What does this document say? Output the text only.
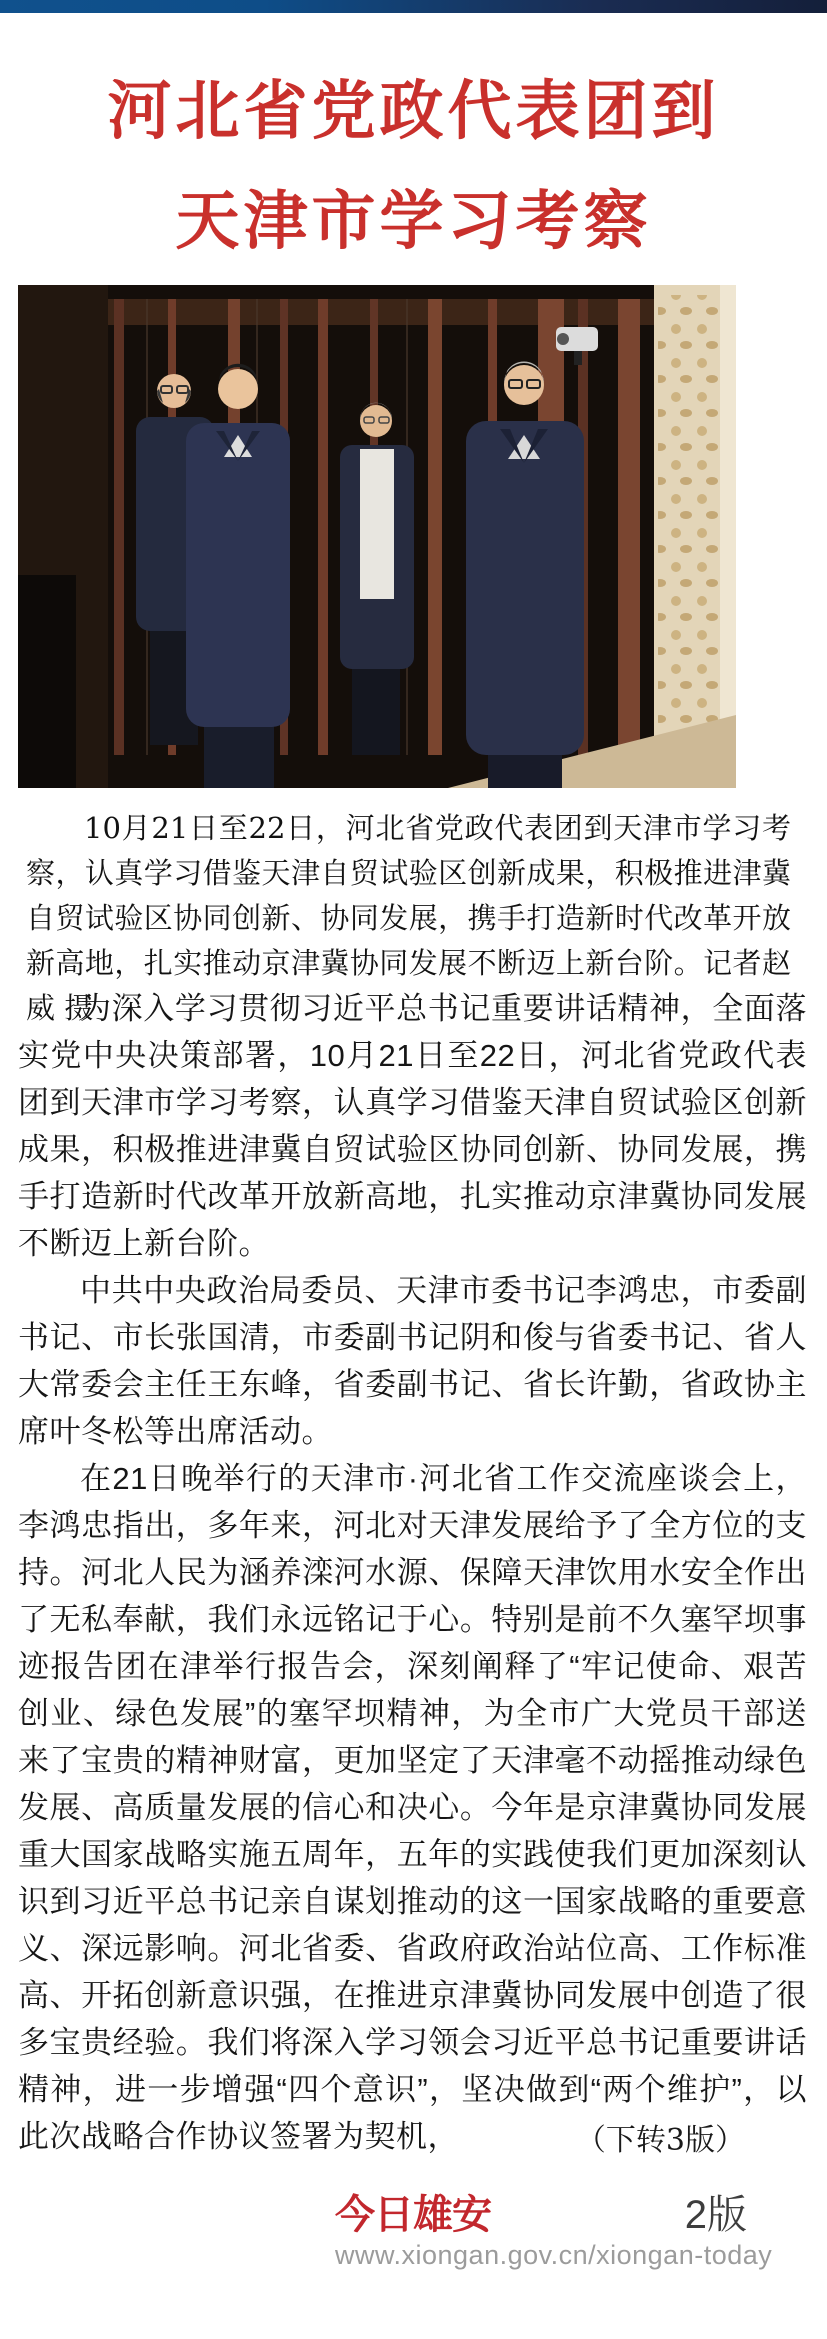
河北省党政代表团到
天津市学习考察

10月21日至22日，河北省党政代表团到天津市学习考察，认真学习借鉴天津自贸试验区创新成果，积极推进津冀自贸试验区协同创新、协同发展，携手打造新时代改革开放新高地，扎实推动京津冀协同发展不断迈上新台阶。记者赵威 摄

为深入学习贯彻习近平总书记重要讲话精神，全面落实党中央决策部署，10月21日至22日，河北省党政代表团到天津市学习考察，认真学习借鉴天津自贸试验区创新成果，积极推进津冀自贸试验区协同创新、协同发展，携手打造新时代改革开放新高地，扎实推动京津冀协同发展不断迈上新台阶。

中共中央政治局委员、天津市委书记李鸿忠，市委副书记、市长张国清，市委副书记阴和俊与省委书记、省人大常委会主任王东峰，省委副书记、省长许勤，省政协主席叶冬松等出席活动。

在21日晚举行的天津市·河北省工作交流座谈会上，李鸿忠指出，多年来，河北对天津发展给予了全方位的支持。河北人民为涵养滦河水源、保障天津饮用水安全作出了无私奉献，我们永远铭记于心。特别是前不久塞罕坝事迹报告团在津举行报告会，深刻阐释了“牢记使命、艰苦创业、绿色发展”的塞罕坝精神，为全市广大党员干部送来了宝贵的精神财富，更加坚定了天津毫不动摇推动绿色发展、高质量发展的信心和决心。今年是京津冀协同发展重大国家战略实施五周年，五年的实践使我们更加深刻认识到习近平总书记亲自谋划推动的这一国家战略的重要意义、深远影响。河北省委、省政府政治站位高、工作标准高、开拓创新意识强，在推进京津冀协同发展中创造了很多宝贵经验。我们将深入学习领会习近平总书记重要讲话精神，进一步增强“四个意识”，坚决做到“两个维护”，以此次战略合作协议签署为契机，	（下转3版）

今日雄安	2版
www.xiongan.gov.cn/xiongan-today
